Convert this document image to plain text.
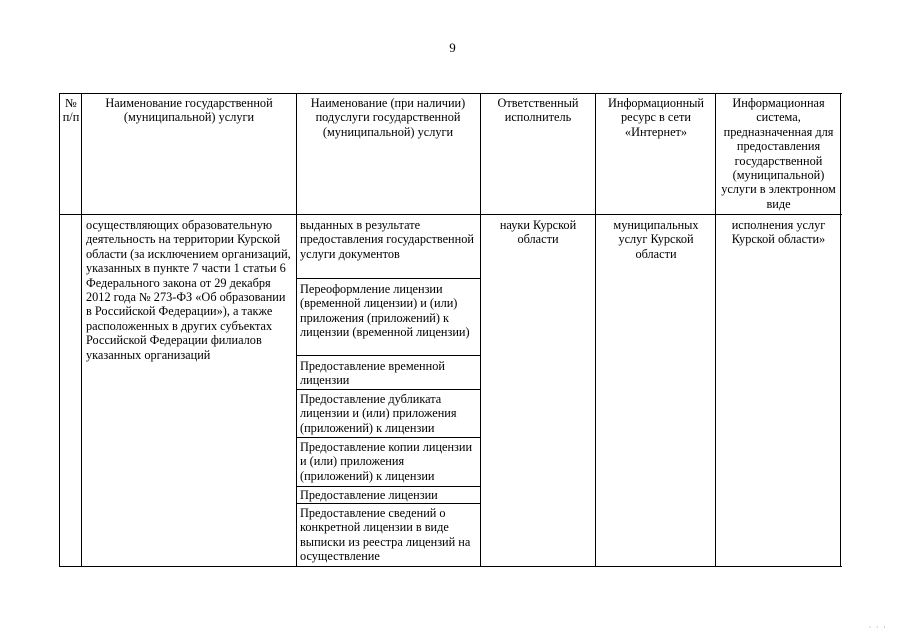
9
№ п/п
Наименование государственной (муниципальной) услуги
Наименование (при наличии) подуслуги государственной (муниципальной) услуги
Ответственный исполнитель
Информационный ресурс в сети «Интернет»
Информационная система, предназначенная для предоставления государственной (муниципальной) услуги в электронном виде
осуществляющих образовательную деятельность на территории Курской области (за исключением организаций, указанных в пункте 7 части 1 статьи 6 Федерального закона от 29 декабря 2012 года № 273-ФЗ «Об образовании в Российской Федерации»), а также расположенных в других субъектах Российской Федерации филиалов указанных организаций
выданных в результате предоставления государственной услуги документов
Переоформление лицензии (временной лицензии) и (или) приложения (приложений) к лицензии (временной лицензии)
Предоставление временной лицензии
Предоставление дубликата лицензии и (или) приложения (приложений) к лицензии
Предоставление копии лицензии и (или) приложения (приложений) к лицензии
Предоставление лицензии
Предоставление сведений о конкретной лицензии в виде выписки из реестра лицензий на осуществление
науки Курской области
муниципальных услуг Курской области
исполнения услуг Курской области»
· · ·
